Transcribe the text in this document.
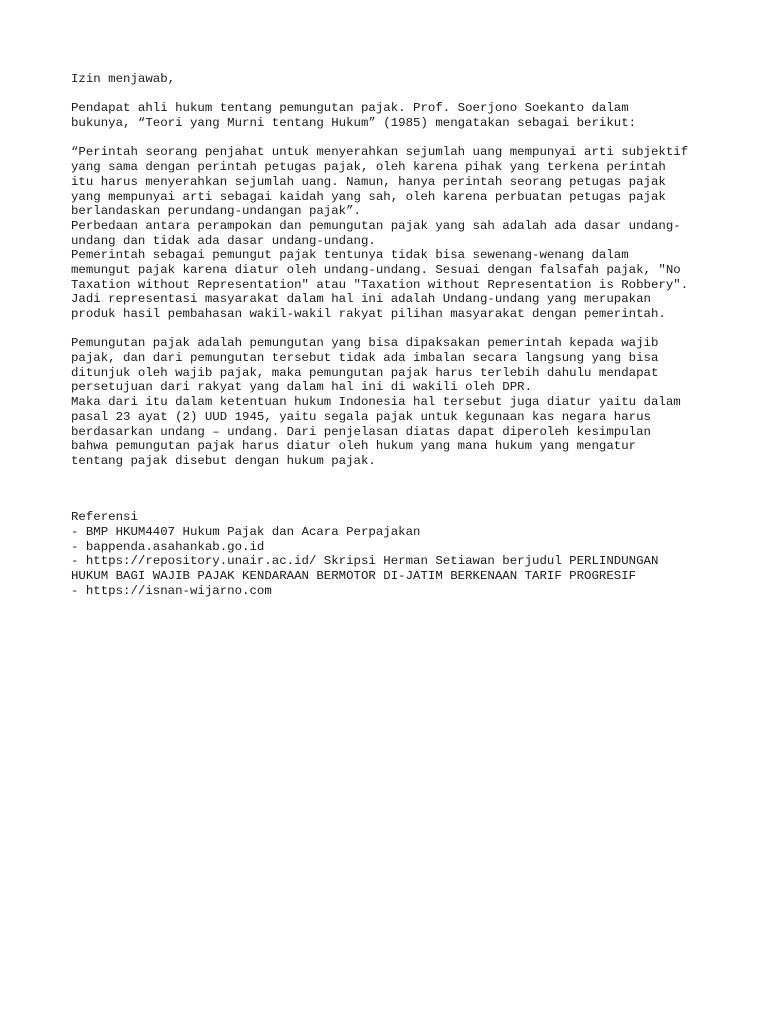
Izin menjawab,
Pendapat ahli hukum tentang pemungutan pajak. Prof. Soerjono Soekanto dalam
bukunya, “Teori yang Murni tentang Hukum” (1985) mengatakan sebagai berikut:
“Perintah seorang penjahat untuk menyerahkan sejumlah uang mempunyai arti subjektif
yang sama dengan perintah petugas pajak, oleh karena pihak yang terkena perintah
itu harus menyerahkan sejumlah uang. Namun, hanya perintah seorang petugas pajak
yang mempunyai arti sebagai kaidah yang sah, oleh karena perbuatan petugas pajak
berlandaskan perundang-undangan pajak”.
Perbedaan antara perampokan dan pemungutan pajak yang sah adalah ada dasar undang-
undang dan tidak ada dasar undang-undang.
Pemerintah sebagai pemungut pajak tentunya tidak bisa sewenang-wenang dalam
memungut pajak karena diatur oleh undang-undang. Sesuai dengan falsafah pajak, "No
Taxation without Representation" atau "Taxation without Representation is Robbery".
Jadi representasi masyarakat dalam hal ini adalah Undang-undang yang merupakan
produk hasil pembahasan wakil-wakil rakyat pilihan masyarakat dengan pemerintah.
Pemungutan pajak adalah pemungutan yang bisa dipaksakan pemerintah kepada wajib
pajak, dan dari pemungutan tersebut tidak ada imbalan secara langsung yang bisa
ditunjuk oleh wajib pajak, maka pemungutan pajak harus terlebih dahulu mendapat
persetujuan dari rakyat yang dalam hal ini di wakili oleh DPR.
Maka dari itu dalam ketentuan hukum Indonesia hal tersebut juga diatur yaitu dalam
pasal 23 ayat (2) UUD 1945, yaitu segala pajak untuk kegunaan kas negara harus
berdasarkan undang – undang. Dari penjelasan diatas dapat diperoleh kesimpulan
bahwa pemungutan pajak harus diatur oleh hukum yang mana hukum yang mengatur
tentang pajak disebut dengan hukum pajak.
Referensi
- BMP HKUM4407 Hukum Pajak dan Acara Perpajakan
- bappenda.asahankab.go.id
- https://repository.unair.ac.id/ Skripsi Herman Setiawan berjudul PERLINDUNGAN
HUKUM BAGI WAJIB PAJAK KENDARAAN BERMOTOR DI-JATIM BERKENAAN TARIF PROGRESIF
- https://isnan-wijarno.com
